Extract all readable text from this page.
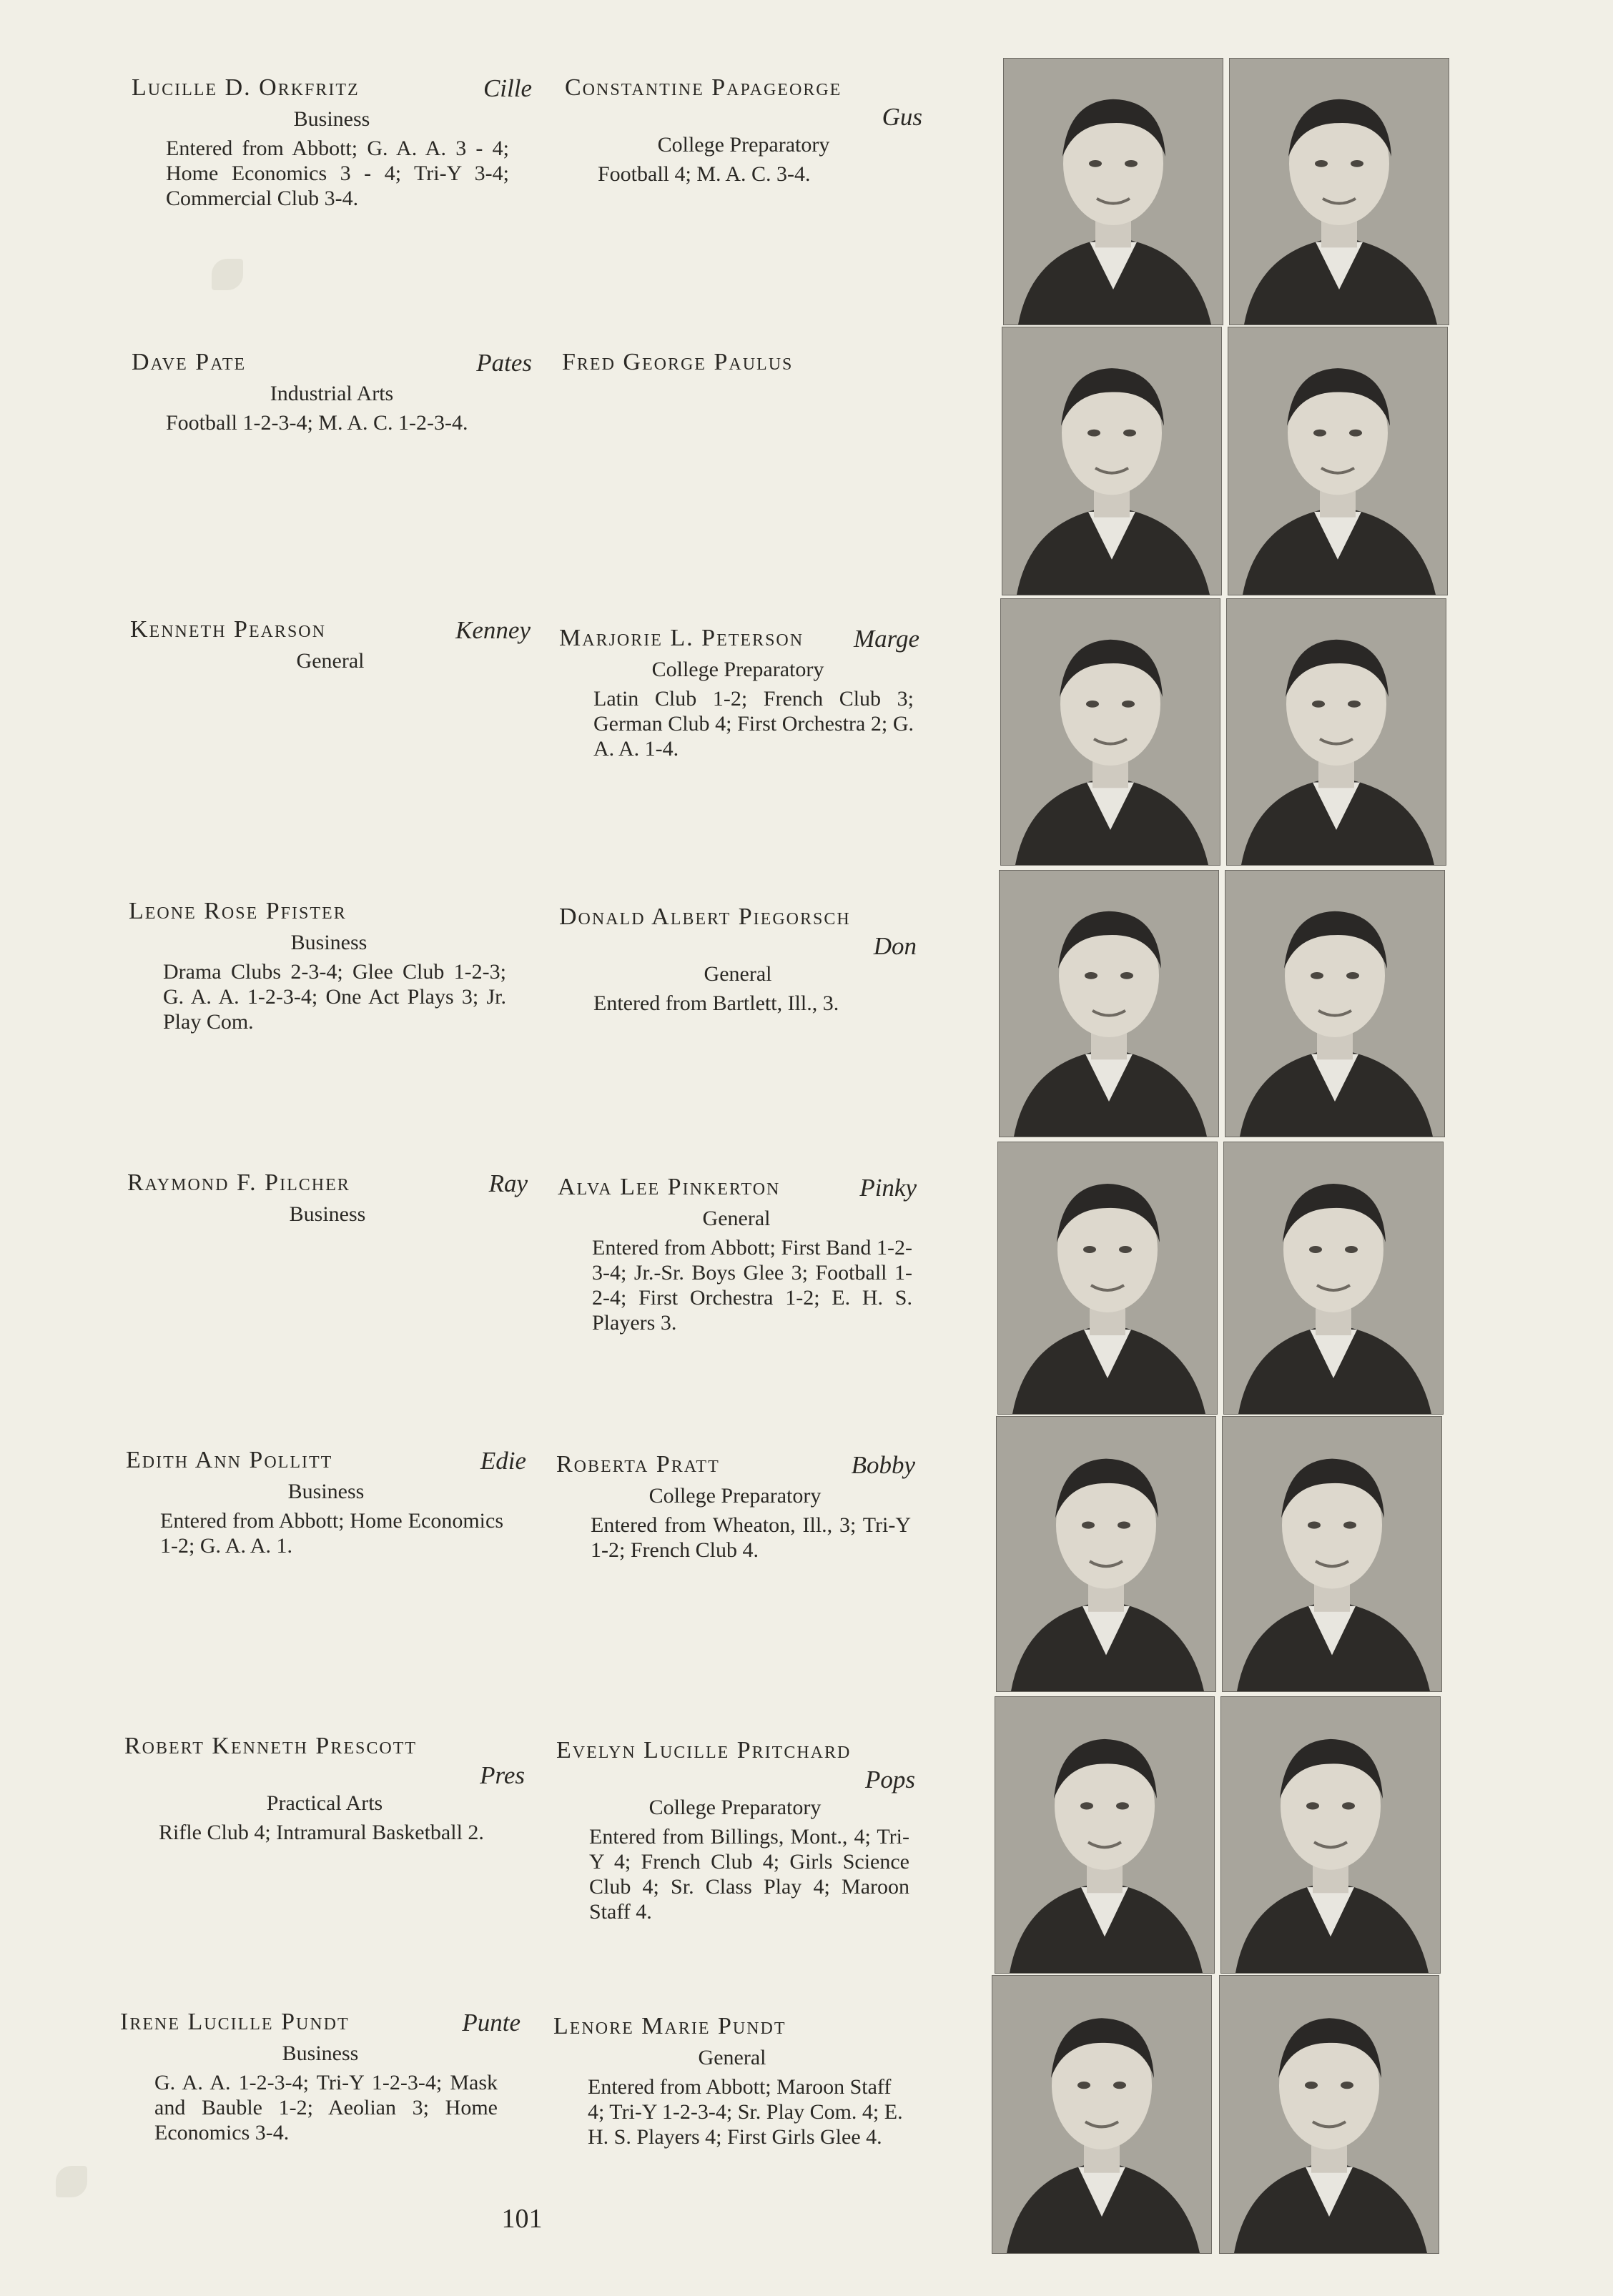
Lucille D. Orkfritz	Cille
Business
Entered from Abbott; G. A. A. 3 - 4; Home Economics 3 - 4; Tri-Y 3-4; Commercial Club 3-4.
Dave Pate	Pates
Industrial Arts
Football 1-2-3-4; M. A. C. 1-2-3-4.
Kenneth Pearson	Kenney
General
Leone Rose Pfister
Business
Drama Clubs 2-3-4; Glee Club 1-2-3; G. A. A. 1-2-3-4; One Act Plays 3; Jr. Play Com.
Raymond F. Pilcher	Ray
Business
Edith Ann Pollitt	Edie
Business
Entered from Abbott; Home Economics 1-2; G. A. A. 1.
Robert Kenneth Prescott
Pres
Practical Arts
Rifle Club 4; Intramural Basketball 2.
Irene Lucille Pundt	Punte
Business
G. A. A. 1-2-3-4; Tri-Y 1-2-3-4; Mask and Bauble 1-2; Aeolian 3; Home Economics 3-4.
Constantine Papageorge
Gus
College Preparatory
Football 4; M. A. C. 3-4.
Fred George Paulus
Marjorie L. Peterson Marge
College Preparatory
Latin Club 1-2; French Club 3; German Club 4; First Orchestra 2; G. A. A. 1-4.
Donald Albert Piegorsch
Don
General
Entered from Bartlett, Ill., 3.
Alva Lee Pinkerton	Pinky
General
Entered from Abbott; First Band 1-2-3-4; Jr.-Sr. Boys Glee 3; Football 1-2-4; First Orchestra 1-2; E. H. S. Players 3.
Roberta Pratt	Bobby
College Preparatory
Entered from Wheaton, Ill., 3; Tri-Y 1-2; French Club 4.
Evelyn Lucille Pritchard
Pops
College Preparatory
Entered from Billings, Mont., 4; Tri-Y 4; French Club 4; Girls Science Club 4; Sr. Class Play 4; Maroon Staff 4.
Lenore Marie Pundt
General
Entered from Abbott; Maroon Staff 4; Tri-Y 1-2-3-4; Sr. Play Com. 4; E. H. S. Players 4; First Girls Glee 4.
101
